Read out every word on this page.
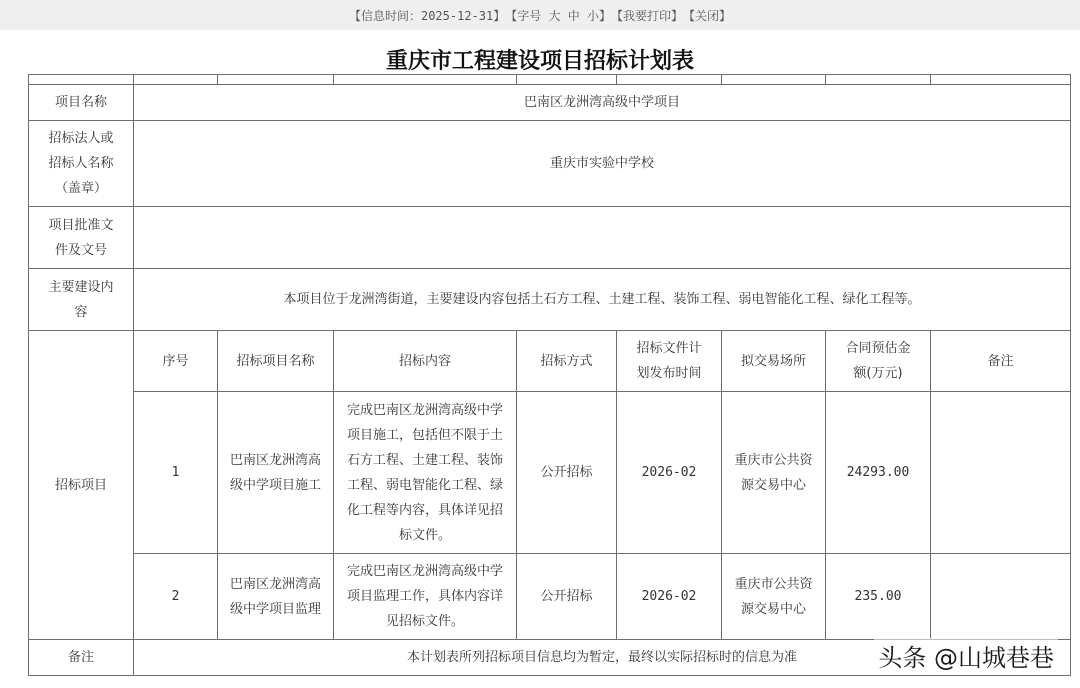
【信息时间：2025-12-31】 【字号 大
中
小 】 【我要打印】 【关闭】
重庆市工程建设项目招标计划表

项目名称	巴南区龙洲湾高级中学项目							
招标法人或
招标人名称
（盖章）	重庆市实验中学校							
项目批准文
件及文号								
主要建设内
容	本项目位于龙洲湾街道，主要建设内容包括土石方工程、土建工程、装饰工程、弱电智能化工程、绿化工程等。							
招标项目	序号	招标项目名称	招标内容	招标方式	招标文件计
划发布时间	拟交易场所	合同预估金
额(万元)	备注
	1	巴南区龙洲湾高级中学项目施工	完成巴南区龙洲湾高级中学项目施工，包括但不限于土石方工程、土建工程、装饰工程、弱电智能化工程、绿化工程等内容，具体详见招标文件。	公开招标	2026-02	重庆市公共资源交易中心	24293.00	
	2	巴南区龙洲湾高级中学项目监理	完成巴南区龙洲湾高级中学项目监理工作，具体内容详见招标文件。	公开招标	2026-02	重庆市公共资源交易中心	235.00	
备注	本计划表所列招标项目信息均为暂定，最终以实际招标时的信息为准								头条 @山城巷巷
